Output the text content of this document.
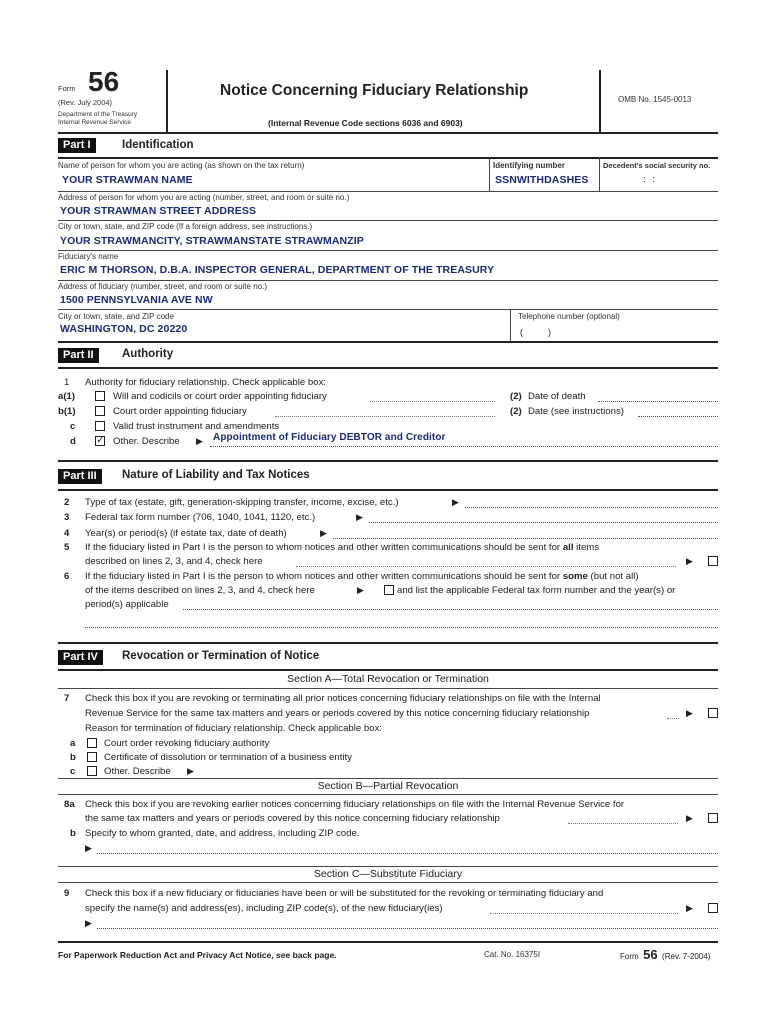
Form 56
(Rev. July 2004)
Department of the Treasury
Internal Revenue Service
Notice Concerning Fiduciary Relationship
(Internal Revenue Code sections 6036 and 6903)
OMB No. 1545-0013
Part I	Identification
Name of person for whom you are acting (as shown on the tax return)
YOUR STRAWMAN NAME
Identifying number
SSNWITHDASHES
Decedent's social security no.
: :
Address of person for whom you are acting (number, street, and room or suite no.)
YOUR STRAWMAN STREET ADDRESS
City or town, state, and ZIP code (If a foreign address, see instructions.)
YOUR STRAWMANCITY, STRAWMANSTATE STRAWMANZIP
Fiduciary's name
ERIC M THORSON, D.B.A. INSPECTOR GENERAL, DEPARTMENT OF THE TREASURY
Address of fiduciary (number, street, and room or suite no.)
1500 PENNSYLVANIA AVE NW
City or town, state, and ZIP code
WASHINGTON, DC 20220
Telephone number (optional)
(          )
Part II	Authority
1 Authority for fiduciary relationship. Check applicable box:
a(1)	Will and codicils or court order appointing fiduciary	(2) Date of death
b(1)	Court order appointing fiduciary	(2) Date (see instructions)
c	Valid trust instrument and amendments
d
✓	Other. Describe ▶ Appointment of Fiduciary DEBTOR and Creditor
Part III	Nature of Liability and Tax Notices
2 Type of tax (estate, gift, generation-skipping transfer, income, excise, etc.)	▶
3 Federal tax form number (706, 1040, 1041, 1120, etc.)	▶
4 Year(s) or period(s) (if estate tax, date of death)	▶
5 If the fiduciary listed in Part I is the person to whom notices and other written communications should be sent for all items
described on lines 2, 3, and 4, check here	▶
6 If the fiduciary listed in Part I is the person to whom notices and other written communications should be sent for some (but not all)
of the items described on lines 2, 3, and 4, check here	▶	and list the applicable Federal tax form number and the year(s) or
period(s) applicable
Part IV	Revocation or Termination of Notice
Section A—Total Revocation or Termination
7 Check this box if you are revoking or terminating all prior notices concerning fiduciary relationships on file with the Internal
Revenue Service for the same tax matters and years or periods covered by this notice concerning fiduciary relationship	▶
Reason for termination of fiduciary relationship. Check applicable box:
a	Court order revoking fiduciary authority
b	Certificate of dissolution or termination of a business entity
c	Other. Describe ▶
Section B—Partial Revocation
8a Check this box if you are revoking earlier notices concerning fiduciary relationships on file with the Internal Revenue Service for
the same tax matters and years or periods covered by this notice concerning fiduciary relationship	▶
b Specify to whom granted, date, and address, including ZIP code.
▶
Section C—Substitute Fiduciary
9 Check this box if a new fiduciary or fiduciaries have been or will be substituted for the revoking or terminating fiduciary and
specify the name(s) and address(es), including ZIP code(s), of the new fiduciary(ies)	▶
▶
For Paperwork Reduction Act and Privacy Act Notice, see back page.	Cat. No. 16375I	Form 56 (Rev. 7-2004)
